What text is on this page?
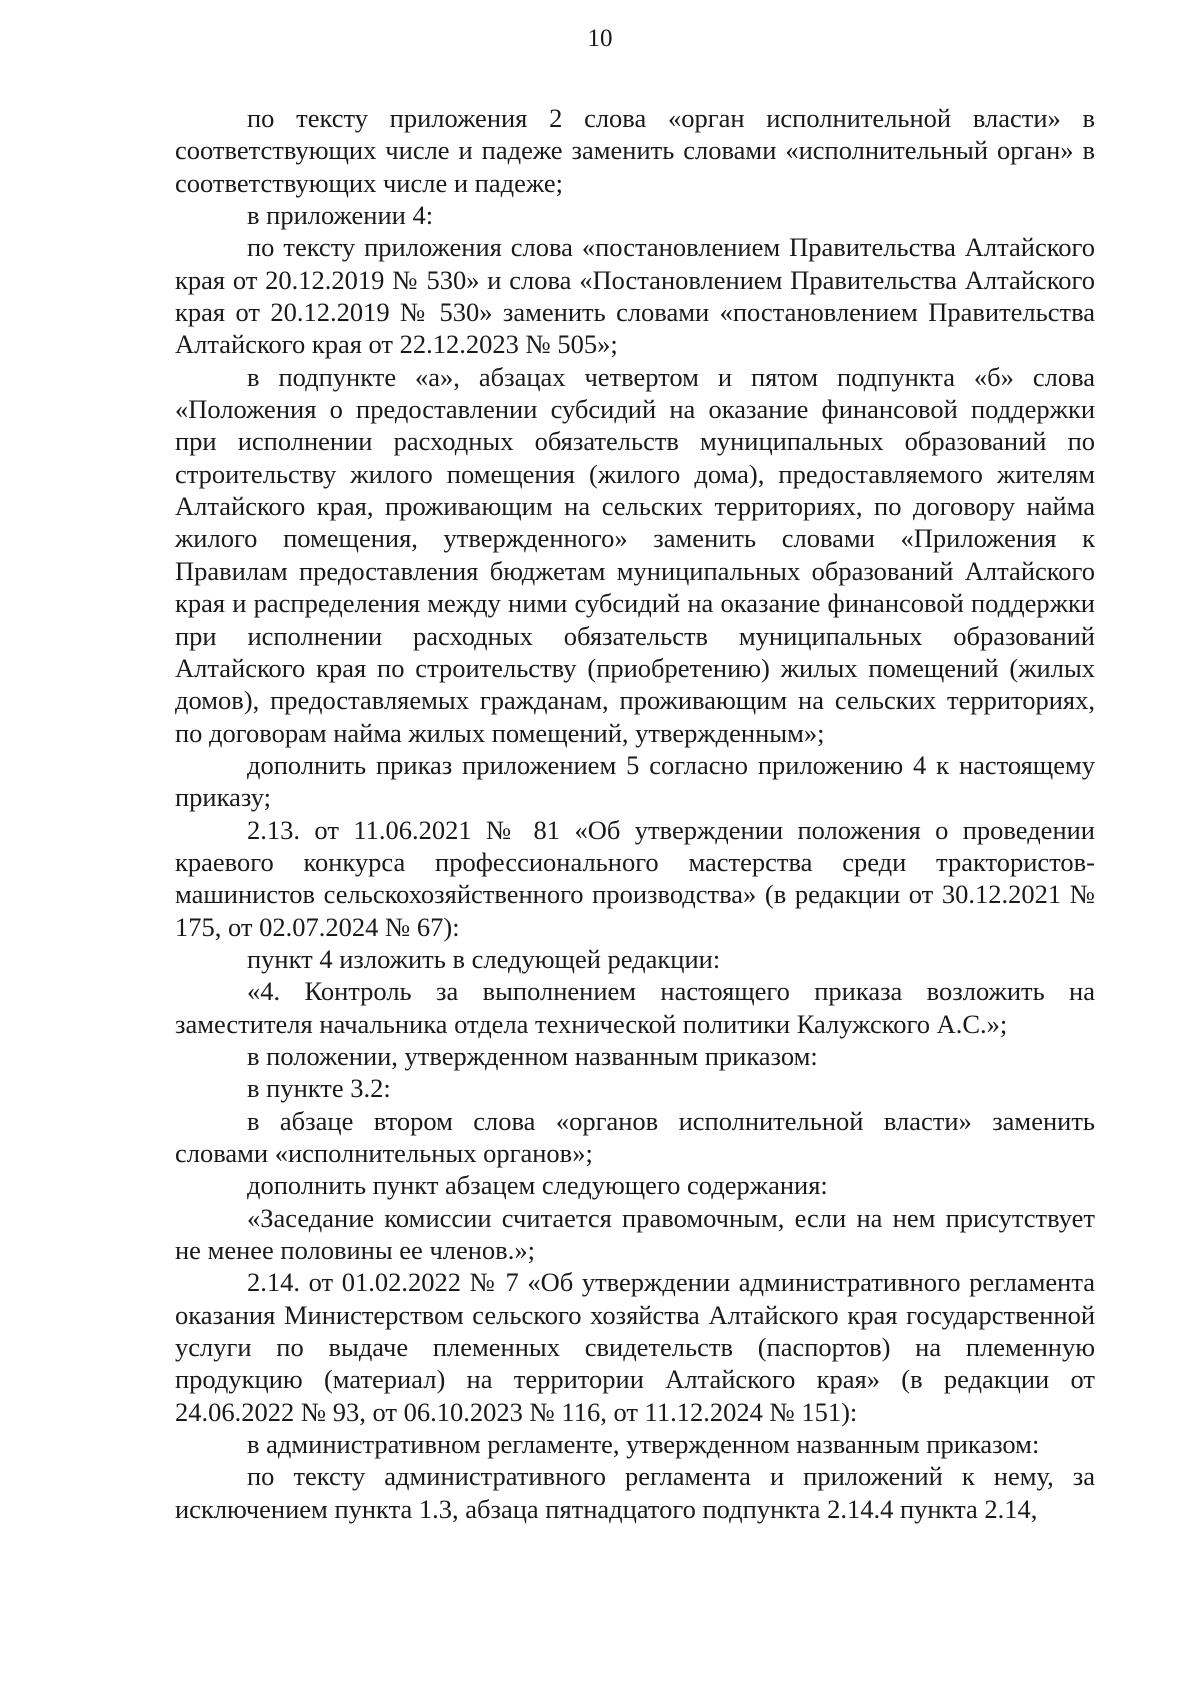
10

по тексту приложения 2 слова «орган исполнительной власти» в соответствующих числе и падеже заменить словами «исполнительный орган» в соответствующих числе и падеже;

в приложении 4:

по тексту приложения слова «постановлением Правительства Алтайского края от 20.12.2019 № 530» и слова «Постановлением Правительства Алтайского края от 20.12.2019 № 530» заменить словами «постановлением Правительства Алтайского края от 22.12.2023 № 505»;

в подпункте «а», абзацах четвертом и пятом подпункта «б» слова «Положения о предоставлении субсидий на оказание финансовой поддержки при исполнении расходных обязательств муниципальных образований по строительству жилого помещения (жилого дома), предоставляемого жителям Алтайского края, проживающим на сельских территориях, по договору найма жилого помещения, утвержденного» заменить словами «Приложения к Правилам предоставления бюджетам муниципальных образований Алтайского края и распределения между ними субсидий на оказание финансовой поддержки при исполнении расходных обязательств муниципальных образований Алтайского края по строительству (приобретению) жилых помещений (жилых домов), предоставляемых гражданам, проживающим на сельских территориях, по договорам найма жилых помещений, утвержденным»;

дополнить приказ приложением 5 согласно приложению 4 к настоящему приказу;

2.13. от 11.06.2021 № 81 «Об утверждении положения о проведении краевого конкурса профессионального мастерства среди трактористов-машинистов сельскохозяйственного производства» (в редакции от 30.12.2021 № 175, от 02.07.2024 № 67):

пункт 4 изложить в следующей редакции:

«4. Контроль за выполнением настоящего приказа возложить на заместителя начальника отдела технической политики Калужского А.С.»;

в положении, утвержденном названным приказом:

в пункте 3.2:

в абзаце втором слова «органов исполнительной власти» заменить словами «исполнительных органов»;

дополнить пункт абзацем следующего содержания:

«Заседание комиссии считается правомочным, если на нем присутствует не менее половины ее членов.»;

2.14. от 01.02.2022 № 7 «Об утверждении административного регламента оказания Министерством сельского хозяйства Алтайского края государственной услуги по выдаче племенных свидетельств (паспортов) на племенную продукцию (материал) на территории Алтайского края» (в редакции от 24.06.2022 № 93, от 06.10.2023 № 116, от 11.12.2024 № 151):

в административном регламенте, утвержденном названным приказом:

по тексту административного регламента и приложений к нему, за исключением пункта 1.3, абзаца пятнадцатого подпункта 2.14.4 пункта 2.14,
